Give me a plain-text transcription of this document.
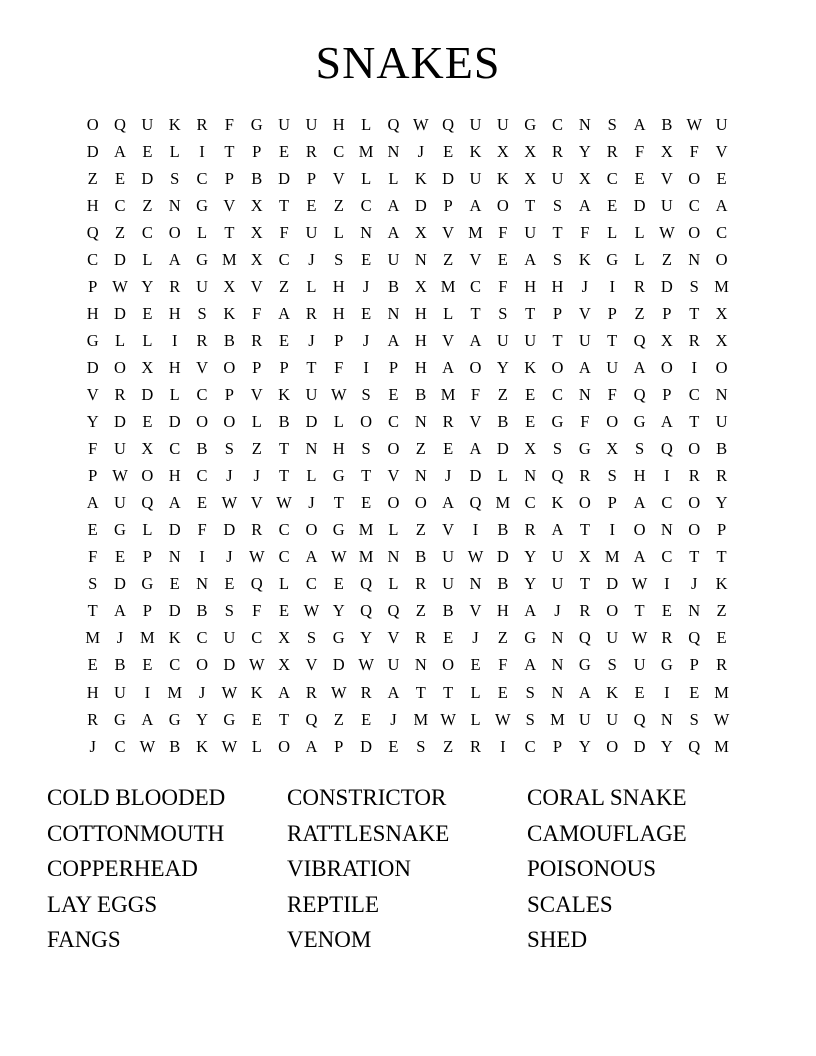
SNAKES
O Q U K R	F	G U U H L Q W Q U U G C N	S	A B W U
D A E	L	I	T	P	E	R C M N	J	E K X X R Y R	F	X	F	V
Z	E D	S	C	P	B D	P	V L	L K D U K X U X C	E V O E
H C	Z N G V X T	E	Z	C A D	P	A O T	S	A E D U C A
Q Z	C O L	T X	F	U L N A X V M F	U T	F	L	L W O C
C D L A G M X C	J	S	E U N Z V E A	S	K G L	Z N O
P W Y R U X V Z	L H	J	B X M C	F	H H	J	I	R D	S M
H D E H	S	K	F	A R H E N H L	T	S	T	P	V	P	Z	P	T X
G L	L	I	R B R	E	J	P	J	A H V A U U T U T Q X R X
D O X H V O	P	P	T	F	I	P	H A O Y K O A U A O	I	O
V R D L	C	P	V K U W S	E	B M F	Z	E	C N	F	Q	P	C N
Y D E D O O L	B D L O C N R V B	E G	F	O G A T U
F	U X C B	S	Z	T N H	S	O Z	E A D X	S	G X	S	Q O B
P W O H C	J	J	T	L G T V N	J	D L N Q R	S	H	I	R R
A U Q A E W V W J	T	E O O A Q M C K O	P	A C O Y
E G L D	F	D R C O G M L	Z V	I	B R A T	I	O N O	P
F	E	P	N	I	J W C A W M N B U W D Y U X M A C	T	T
S	D G E N E Q L	C	E Q L	R U N B Y U T D W	I	J	K
T A	P	D B	S	F	E W Y Q Q Z	B V H A	J	R O T	E N Z
M	J	M K C U C X	S	G Y V R	E	J	Z G N Q U W R Q E
E	B	E	C O D W X V D W U N O E	F	A N G	S	U G	P	R
H U	I	M	J W K A R W R A T	T	L	E	S	N A K E	I	E M
R G A G Y G E	T Q Z	E	J	M W L W S M U U Q N	S W
J	C W B K W L O A	P	D E	S	Z	R	I	C	P	Y O D Y Q M
COLD BLOODED
COTTONMOUTH
COPPERHEAD
LAY EGGS
FANGS
CONSTRICTOR
RATTLESNAKE
VIBRATION
REPTILE
VENOM
CORAL SNAKE
CAMOUFLAGE
POISONOUS
SCALES
SHED
